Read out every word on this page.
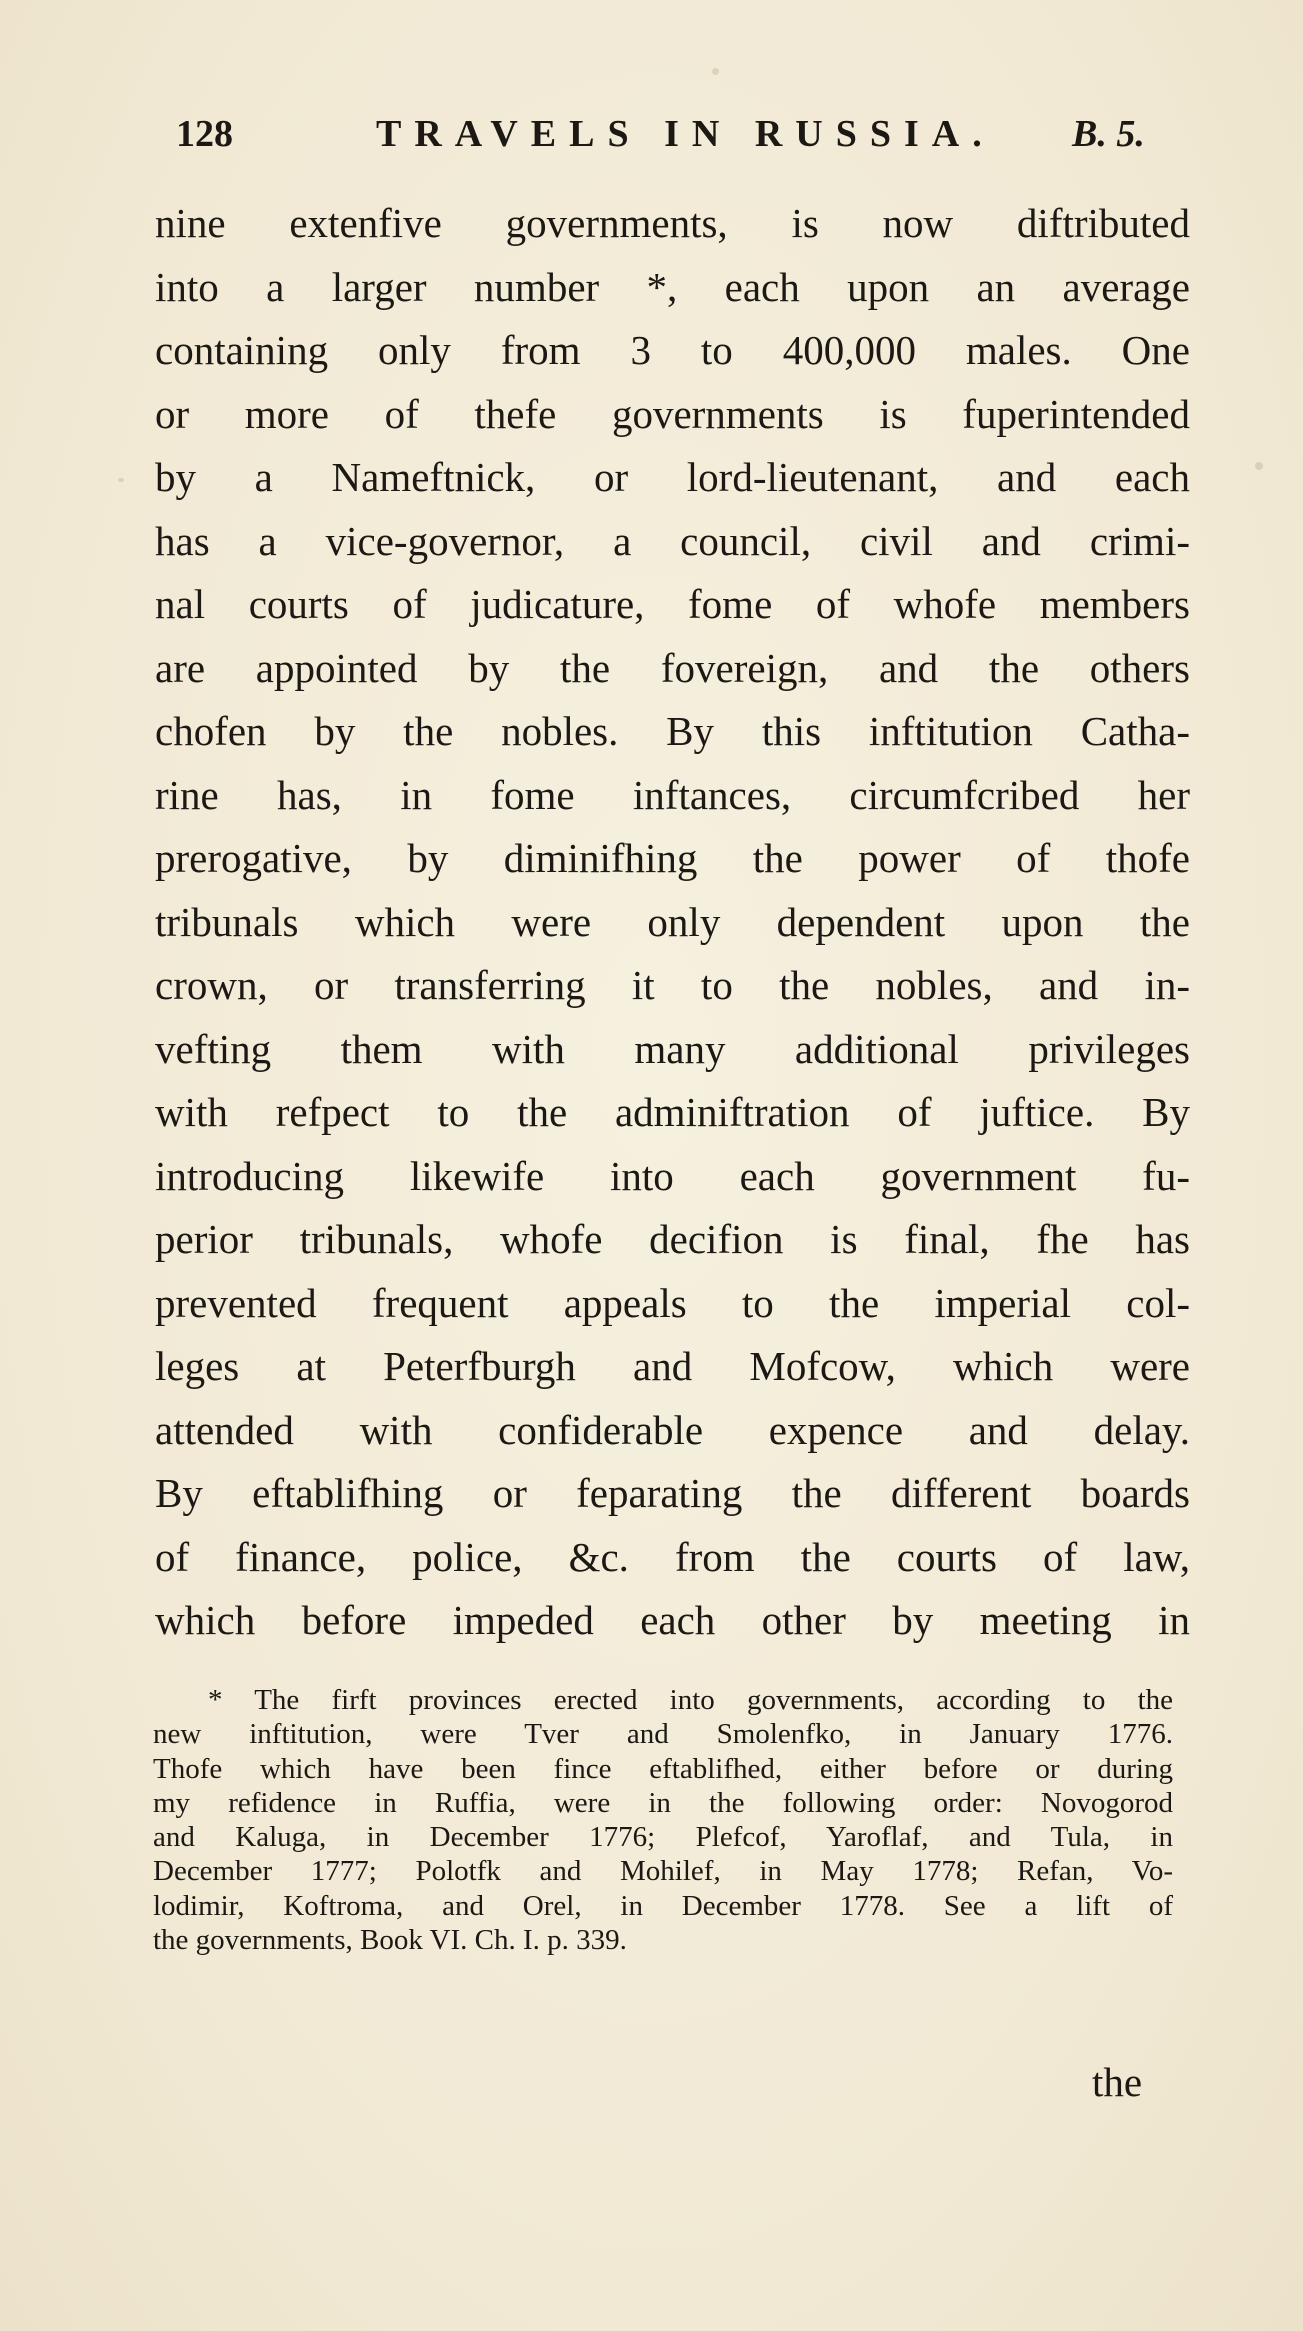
128	TRAVELS IN RUSSIA. B. 5.
nine extenfive governments, is now diftributed
into a larger number *, each upon an average
containing only from 3 to 400,000 males. One
or more of thefe governments is fuperintended
by a Nameftnick, or lord-lieutenant, and each
has a vice-governor, a council, civil and crimi-
nal courts of judicature, fome of whofe members
are appointed by the fovereign, and the others
chofen by the nobles. By this inftitution Catha-
rine has, in fome inftances, circumfcribed her
prerogative, by diminifhing the power of thofe
tribunals which were only dependent upon the
crown, or transferring it to the nobles, and in-
vefting them with many additional privileges
with refpect to the adminiftration of juftice. By
introducing likewife into each government fu-
perior tribunals, whofe decifion is final, fhe has
prevented frequent appeals to the imperial col-
leges at Peterfburgh and Mofcow, which were
attended with confiderable expence and delay.
By eftablifhing or feparating the different boards
of finance, police, &c. from the courts of law,
which before impeded each other by meeting in
* The firft provinces erected into governments, according to the
new inftitution, were Tver and Smolenfko, in January 1776.
Thofe which have been fince eftablifhed, either before or during
my refidence in Ruffia, were in the following order: Novogorod
and Kaluga, in December 1776; Plefcof, Yaroflaf, and Tula, in
December 1777; Polotfk and Mohilef, in May 1778; Refan, Vo-
lodimir, Koftroma, and Orel, in December 1778. See a lift of
the governments, Book VI. Ch. I. p. 339.
the
